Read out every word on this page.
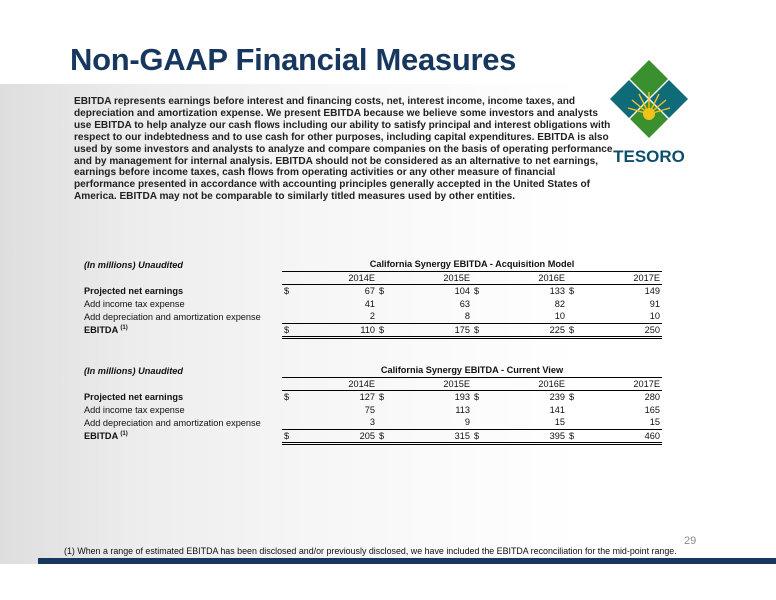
Non-GAAP Financial Measures
TESORO
EBITDA represents earnings before interest and financing costs, net, interest income, income taxes, and depreciation and amortization expense. We present EBITDA because we believe some investors and analysts use EBITDA to help analyze our cash flows including our ability to satisfy principal and interest obligations with respect to our indebtedness and to use cash for other purposes, including capital expenditures. EBITDA is also used by some investors and analysts to analyze and compare companies on the basis of operating performance and by management for internal analysis. EBITDA should not be considered as an alternative to net earnings, earnings before income taxes, cash flows from operating activities or any other measure of financial performance presented in accordance with accounting principles generally accepted in the United States of America. EBITDA may not be comparable to similarly titled measures used by other entities.
(In millions) Unaudited	California Synergy EBITDA - Acquisition Model							
	2014E		2015E		2016E		2017E	
Projected net earnings	$	67	$	104	$	133	$	149
Add income tax expense		41		63		82		91
Add depreciation and amortization expense		2		8		10		10
EBITDA $^{(1)}$	$	110	$	175	$	225	$	250
(In millions) Unaudited	California Synergy EBITDA - Current View							
	2014E		2015E		2016E		2017E	
Projected net earnings	$	127	$	193	$	239	$	280
Add income tax expense		75		113		141		165
Add depreciation and amortization expense		3		9		15		15
EBITDA $^{(1)}$	$	205	$	315	$	395	$	460
29
(1) When a range of estimated EBITDA has been disclosed and/or previously disclosed, we have included the EBITDA reconciliation for the mid-point range.
